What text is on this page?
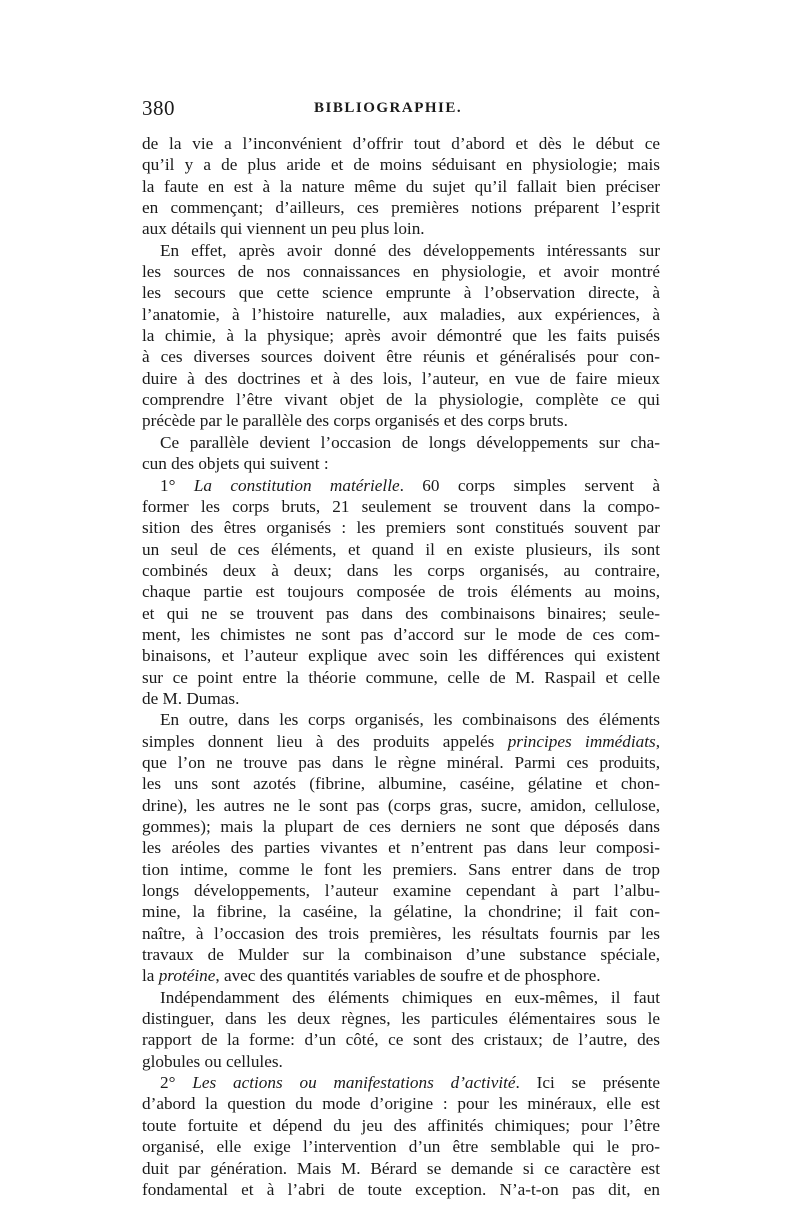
380	BIBLIOGRAPHIE.
de la vie a l’inconvénient d’offrir tout d’abord et dès le début ce
qu’il y a de plus aride et de moins séduisant en physiologie; mais
la faute en est à la nature même du sujet qu’il fallait bien préciser
en commençant; d’ailleurs, ces premières notions préparent l’esprit
aux détails qui viennent un peu plus loin.
En effet, après avoir donné des développements intéressants sur
les sources de nos connaissances en physiologie, et avoir montré
les secours que cette science emprunte à l’observation directe, à
l’anatomie, à l’histoire naturelle, aux maladies, aux expériences, à
la chimie, à la physique; après avoir démontré que les faits puisés
à ces diverses sources doivent être réunis et généralisés pour con-
duire à des doctrines et à des lois, l’auteur, en vue de faire mieux
comprendre l’être vivant objet de la physiologie, complète ce qui
précède par le parallèle des corps organisés et des corps bruts.
Ce parallèle devient l’occasion de longs développements sur cha-
cun des objets qui suivent :
1° La constitution matérielle. 60 corps simples servent à
former les corps bruts, 21 seulement se trouvent dans la compo-
sition des êtres organisés : les premiers sont constitués souvent par
un seul de ces éléments, et quand il en existe plusieurs, ils sont
combinés deux à deux; dans les corps organisés, au contraire,
chaque partie est toujours composée de trois éléments au moins,
et qui ne se trouvent pas dans des combinaisons binaires; seule-
ment, les chimistes ne sont pas d’accord sur le mode de ces com-
binaisons, et l’auteur explique avec soin les différences qui existent
sur ce point entre la théorie commune, celle de M. Raspail et celle
de M. Dumas.
En outre, dans les corps organisés, les combinaisons des éléments
simples donnent lieu à des produits appelés principes immédiats,
que l’on ne trouve pas dans le règne minéral. Parmi ces produits,
les uns sont azotés (fibrine, albumine, caséine, gélatine et chon-
drine), les autres ne le sont pas (corps gras, sucre, amidon, cellulose,
gommes); mais la plupart de ces derniers ne sont que déposés dans
les aréoles des parties vivantes et n’entrent pas dans leur composi-
tion intime, comme le font les premiers. Sans entrer dans de trop
longs développements, l’auteur examine cependant à part l’albu-
mine, la fibrine, la caséine, la gélatine, la chondrine; il fait con-
naître, à l’occasion des trois premières, les résultats fournis par les
travaux de Mulder sur la combinaison d’une substance spéciale,
la protéine, avec des quantités variables de soufre et de phosphore.
Indépendamment des éléments chimiques en eux-mêmes, il faut
distinguer, dans les deux règnes, les particules élémentaires sous le
rapport de la forme: d’un côté, ce sont des cristaux; de l’autre, des
globules ou cellules.
2° Les actions ou manifestations d’activité. Ici se présente
d’abord la question du mode d’origine : pour les minéraux, elle est
toute fortuite et dépend du jeu des affinités chimiques; pour l’être
organisé, elle exige l’intervention d’un être semblable qui le pro-
duit par génération. Mais M. Bérard se demande si ce caractère est
fondamental et à l’abri de toute exception. N’a-t-on pas dit, en
